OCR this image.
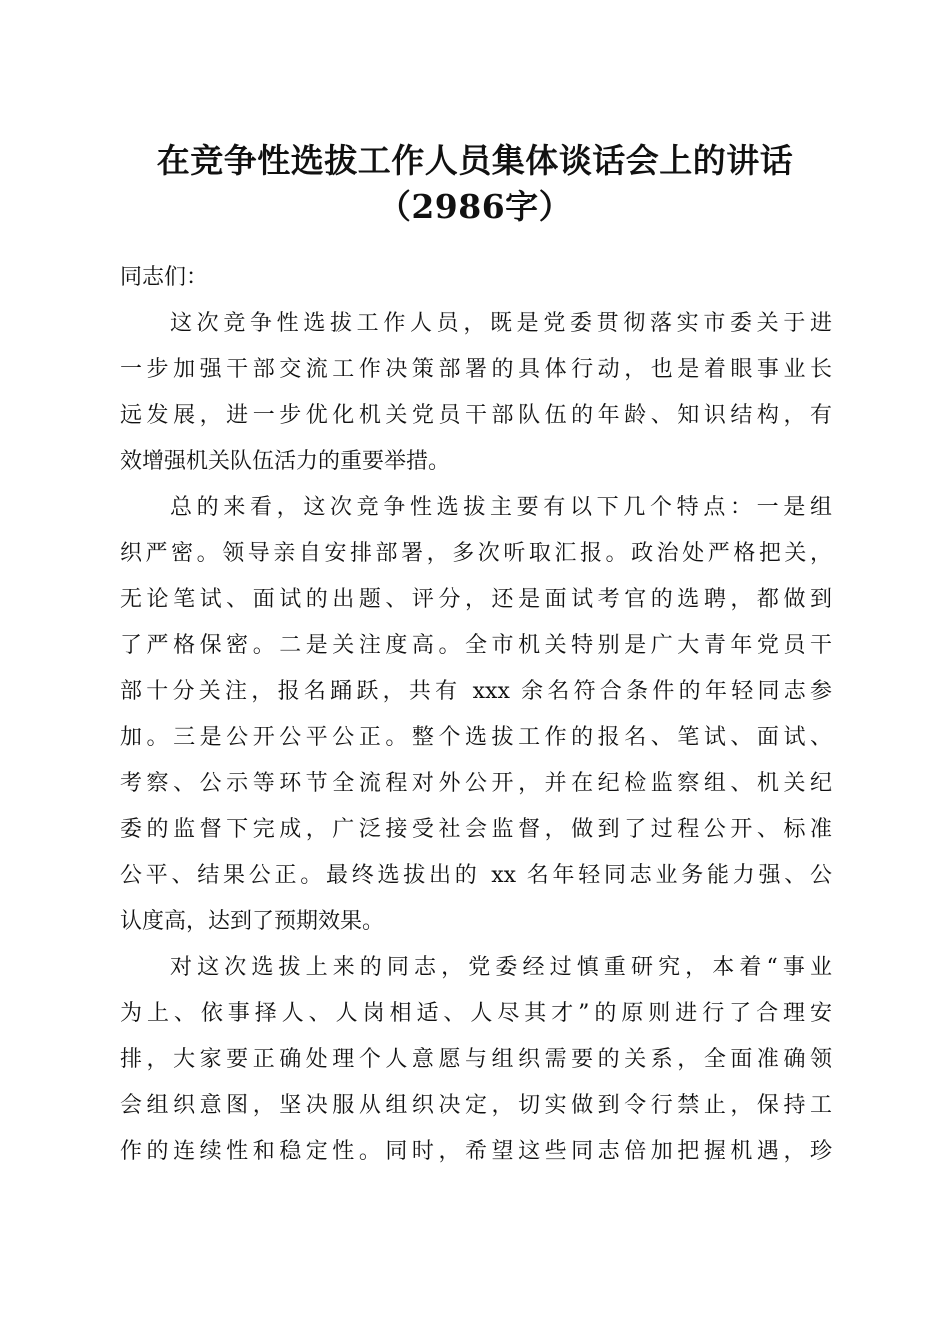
在竞争性选拔工作人员集体谈话会上的讲话
（2986字）

同志们：

这次竞争性选拔工作人员，既是党委贯彻落实市委关于进
一步加强干部交流工作决策部署的具体行动，也是着眼事业长
远发展，进一步优化机关党员干部队伍的年龄、知识结构，有
效增强机关队伍活力的重要举措。

总的来看，这次竞争性选拔主要有以下几个特点：一是组
织严密。领导亲自安排部署，多次听取汇报。政治处严格把关，
无论笔试、面试的出题、评分，还是面试考官的选聘，都做到
了严格保密。二是关注度高。全市机关特别是广大青年党员干
部十分关注，报名踊跃，共有 xxx 余名符合条件的年轻同志参
加。三是公开公平公正。整个选拔工作的报名、笔试、面试、
考察、公示等环节全流程对外公开，并在纪检监察组、机关纪
委的监督下完成，广泛接受社会监督，做到了过程公开、标准
公平、结果公正。最终选拔出的 xx 名年轻同志业务能力强、公
认度高，达到了预期效果。

对这次选拔上来的同志，党委经过慎重研究，本着“事业
为上、依事择人、人岗相适、人尽其才”的原则进行了合理安
排，大家要正确处理个人意愿与组织需要的关系，全面准确领
会组织意图，坚决服从组织决定，切实做到令行禁止，保持工
作的连续性和稳定性。同时，希望这些同志倍加把握机遇，珍
